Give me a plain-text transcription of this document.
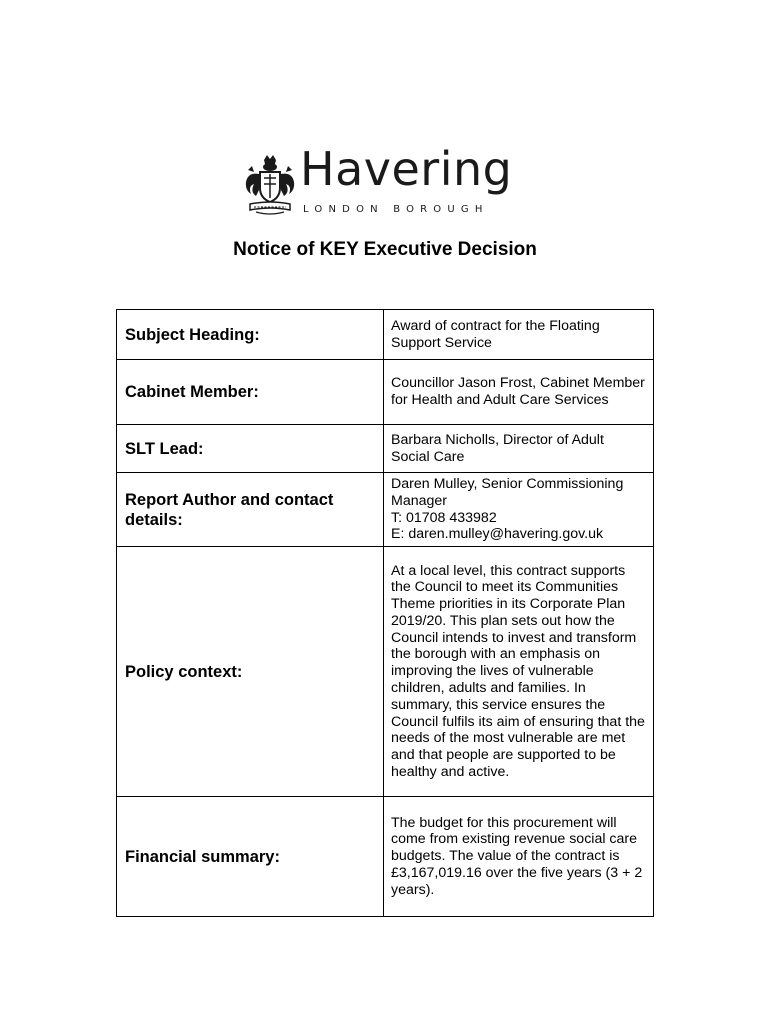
Havering
LONDON BOROUGH
Notice of KEY Executive Decision
Subject Heading:	Award of contract for the Floating Support Service
Cabinet Member:	Councillor Jason Frost, Cabinet Member for Health and Adult Care Services
SLT Lead:	Barbara Nicholls, Director of Adult Social Care
Report Author and contact details:	Daren Mulley, Senior Commissioning Manager
T: 01708 433982
E: daren.mulley@havering.gov.uk

Policy context:	At a local level, this contract supports the Council to meet its Communities Theme priorities in its Corporate Plan 2019/20. This plan sets out how the Council intends to invest and transform the borough with an emphasis on improving the lives of vulnerable children, adults and families. In summary, this service ensures the Council fulfils its aim of ensuring that the needs of the most vulnerable are met and that people are supported to be healthy and active.
Financial summary:	The budget for this procurement will come from existing revenue social care budgets. The value of the contract is £3,167,019.16 over the five years (3 + 2 years).
